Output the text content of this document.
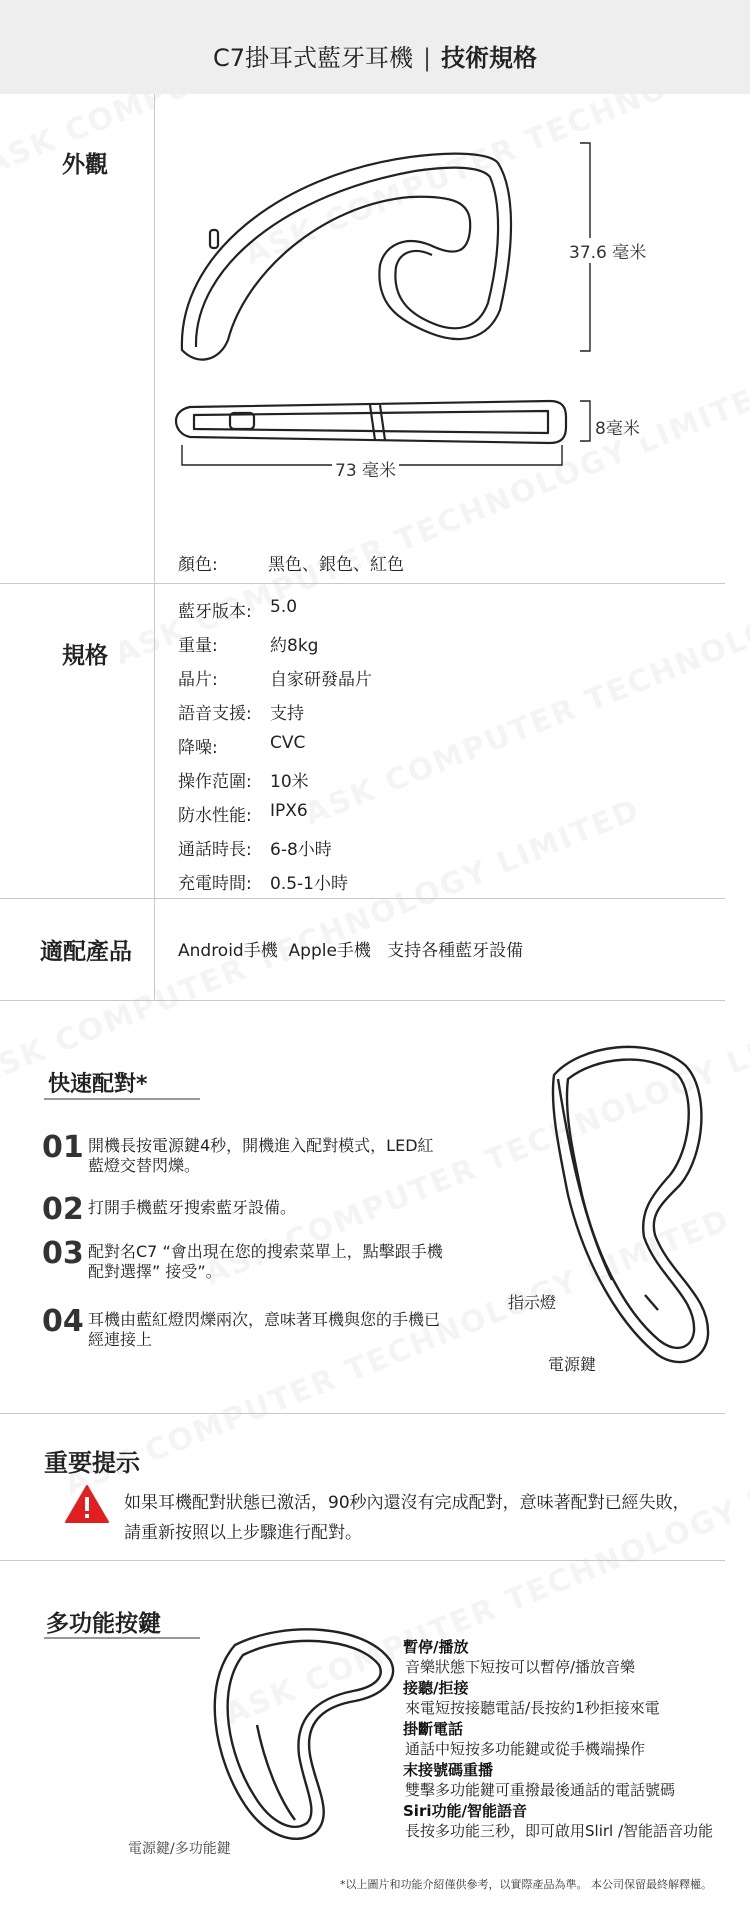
C7掛耳式藍牙耳機 | 技術規格
外觀
37.6 毫米
8毫米
73 毫米
顏色:	黑色、銀色、紅色
規格
藍牙版本: 5.0
重量:	約8kg
晶片:	自家研發晶片
語音支援: 支持
降噪:	CVC
操作范圍: 10米
防水性能: IPX6
通話時長: 6-8小時
充電時間: 0.5-1小時
適配產品	Android手機  Apple手機   支持各種藍牙設備
快速配對*
01 開機長按電源鍵4秒，開機進入配對模式，LED紅藍燈交替閃爍。
02 打開手機藍牙搜索藍牙設備。
03 配對名C7 “會出現在您的搜索菜單上，點擊跟手機配對選擇” 接受”。
04 耳機由藍紅燈閃爍兩次，意味著耳機與您的手機已經連接上
指示燈
電源鍵
重要提示
如果耳機配對狀態已激活，90秒內還沒有完成配對，意味著配對已經失敗，
請重新按照以上步驟進行配對。
多功能按鍵
暫停/播放
音樂狀態下短按可以暫停/播放音樂
接聽/拒接
來電短按接聽電話/長按約1秒拒接來電
掛斷電話
通話中短按多功能鍵或從手機端操作
末接號碼重播
雙擊多功能鍵可重撥最後通話的電話號碼
Siri功能/智能語音
長按多功能三秒，即可啟用Slirl /智能語音功能
電源鍵/多功能鍵
*以上圖片和功能介紹僅供參考，以實際產品為準。 本公司保留最終解釋權。
